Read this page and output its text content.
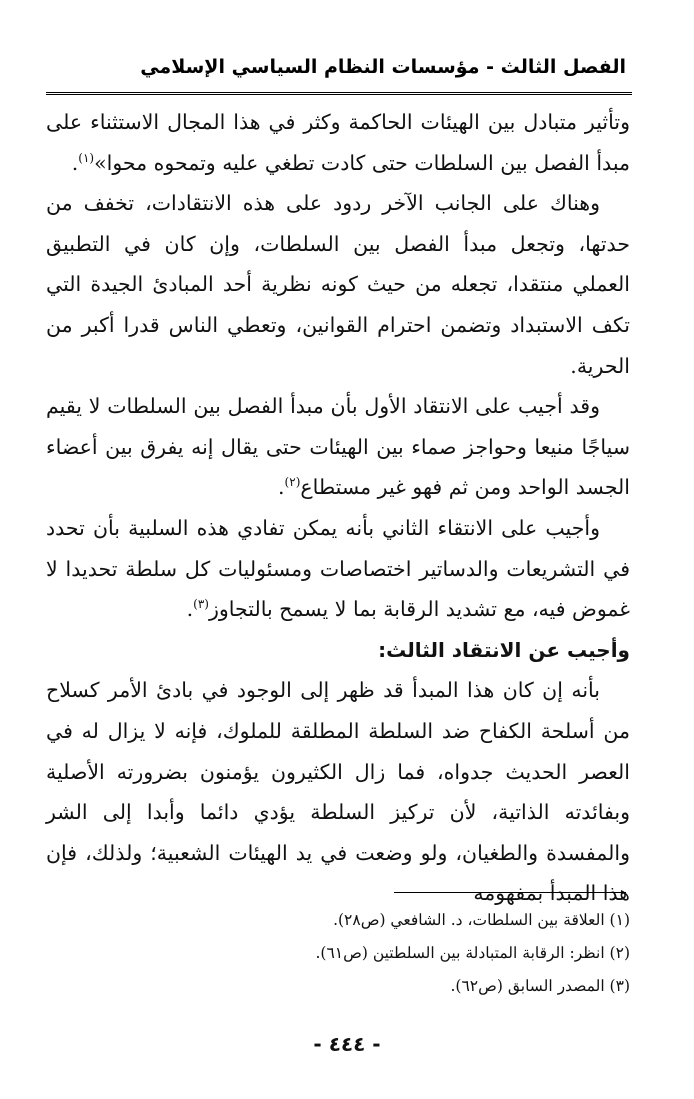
الفصل الثالث - مؤسسات النظام السياسي الإسلامي

وتأثير متبادل بين الهيئات الحاكمة وكثر في هذا المجال الاستثناء على مبدأ الفصل بين السلطات حتى كادت تطغي عليه وتمحوه محوا»$^{(١)}$.

وهناك على الجانب الآخر ردود على هذه الانتقادات، تخفف من حدتها، وتجعل مبدأ الفصل بين السلطات، وإن كان في التطبيق العملي منتقدا، تجعله من حيث كونه نظرية أحد المبادئ الجيدة التي تكف الاستبداد وتضمن احترام القوانين، وتعطي الناس قدرا أكبر من الحرية.

وقد أجيب على الانتقاد الأول بأن مبدأ الفصل بين السلطات لا يقيم سياجًا منيعا وحواجز صماء بين الهيئات حتى يقال إنه يفرق بين أعضاء الجسد الواحد ومن ثم فهو غير مستطاع$^{(٢)}$.

وأجيب على الانتقاء الثاني بأنه يمكن تفادي هذه السلبية بأن تحدد في التشريعات والدساتير اختصاصات ومسئوليات كل سلطة تحديدا لا غموض فيه، مع تشديد الرقابة بما لا يسمح بالتجاوز$^{(٣)}$.

وأجيب عن الانتقاد الثالث:

بأنه إن كان هذا المبدأ قد ظهر إلى الوجود في بادئ الأمر كسلاح من أسلحة الكفاح ضد السلطة المطلقة للملوك، فإنه لا يزال له في العصر الحديث جدواه، فما زال الكثيرون يؤمنون بضرورته الأصلية وبفائدته الذاتية، لأن تركيز السلطة يؤدي دائما وأبدا إلى الشر والمفسدة والطغيان، ولو وضعت في يد الهيئات الشعبية؛ ولذلك، فإن هذا المبدأ بمفهومه

(١) العلاقة بين السلطات، د. الشافعي (ص٢٨).
(٢) انظر: الرقابة المتبادلة بين السلطتين (ص٦١).
(٣) المصدر السابق (ص٦٢).
- ٤٤٤ -
